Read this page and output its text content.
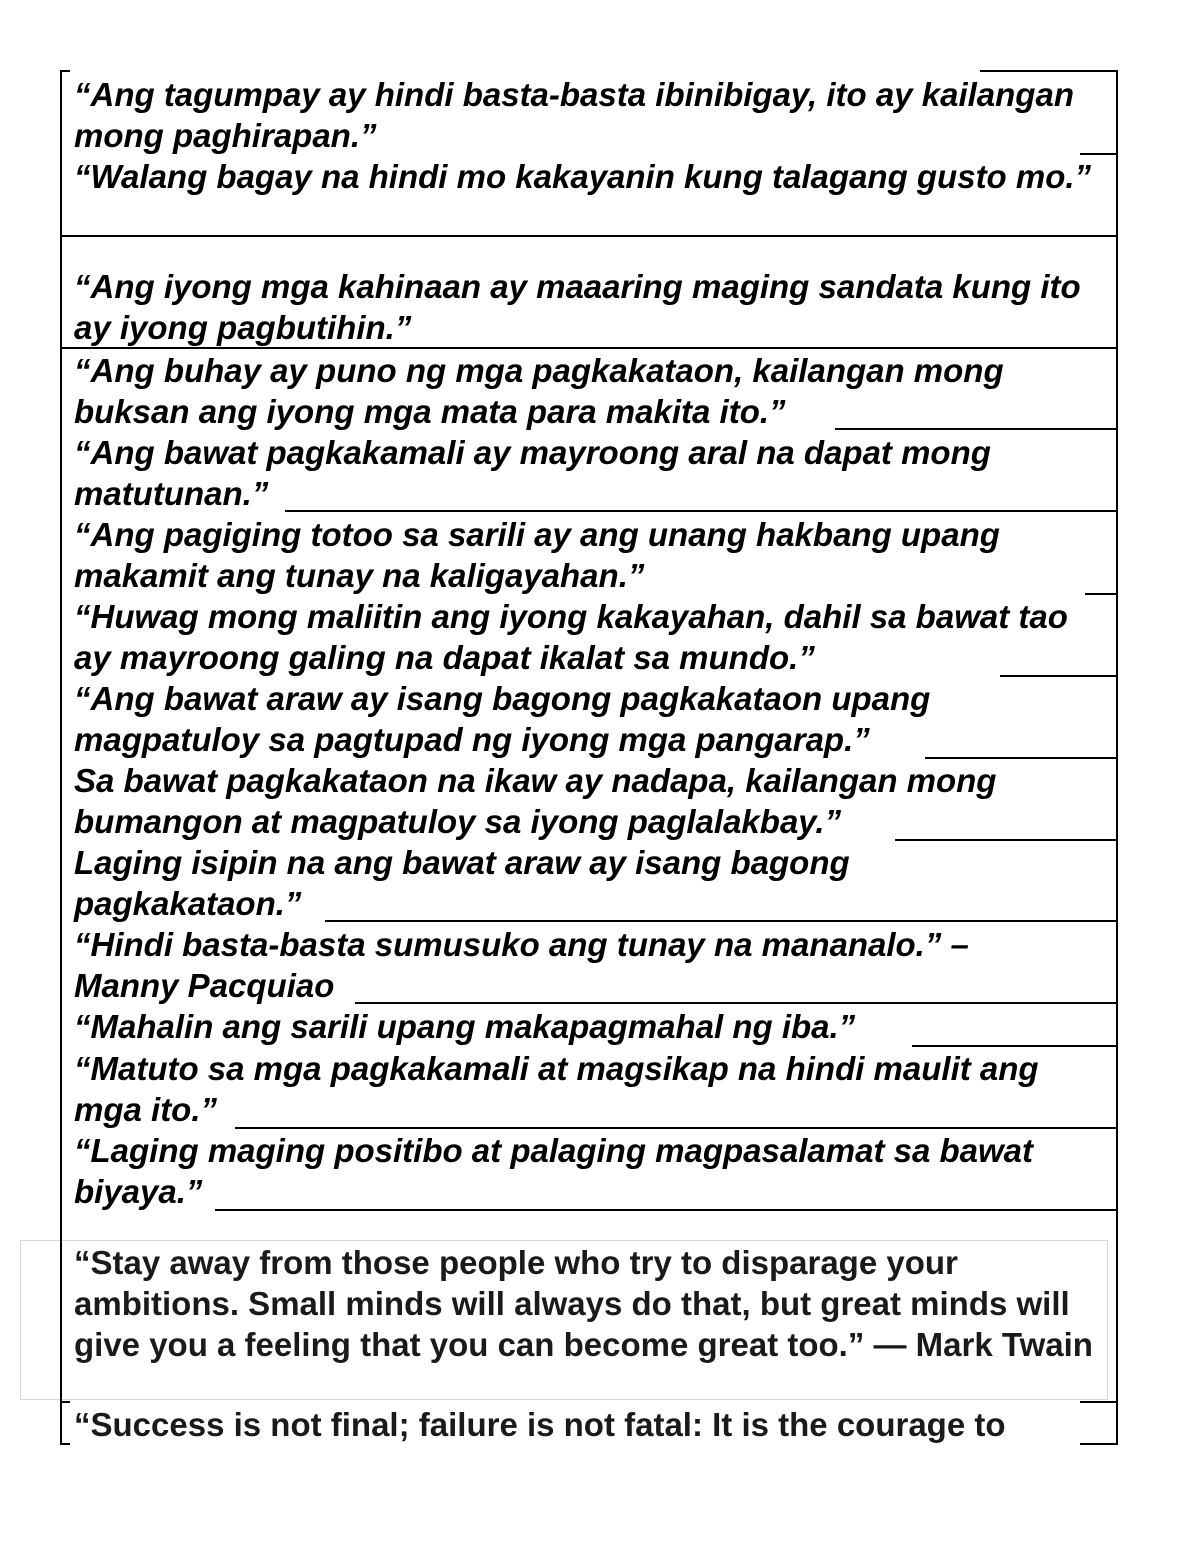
“Ang tagumpay ay hindi basta-basta ibinibigay, ito ay kailangan mong paghirapan.”
“Walang bagay na hindi mo kakayanin kung talagang gusto mo.”
“Ang iyong mga kahinaan ay maaaring maging sandata kung ito ay iyong pagbutihin.”
“Ang buhay ay puno ng mga pagkakataon, kailangan mong buksan ang iyong mga mata para makita ito.”
“Ang bawat pagkakamali ay mayroong aral na dapat mong matutunan.”
“Ang pagiging totoo sa sarili ay ang unang hakbang upang makamit ang tunay na kaligayahan.”
“Huwag mong maliitin ang iyong kakayahan, dahil sa bawat tao ay mayroong galing na dapat ikalat sa mundo.”
“Ang bawat araw ay isang bagong pagkakataon upang magpatuloy sa pagtupad ng iyong mga pangarap.”
Sa bawat pagkakataon na ikaw ay nadapa, kailangan mong bumangon at magpatuloy sa iyong paglalakbay.”
Laging isipin na ang bawat araw ay isang bagong pagkakataon.”
“Hindi basta-basta sumusuko ang tunay na mananalo.” – Manny Pacquiao
“Mahalin ang sarili upang makapagmahal ng iba.”
“Matuto sa mga pagkakamali at magsikap na hindi maulit ang mga ito.”
“Laging maging positibo at palaging magpasalamat sa bawat biyaya.”
“Stay away from those people who try to disparage your ambitions. Small minds will always do that, but great minds will give you a feeling that you can become great too.” — Mark Twain
“Success is not final; failure is not fatal: It is the courage to
